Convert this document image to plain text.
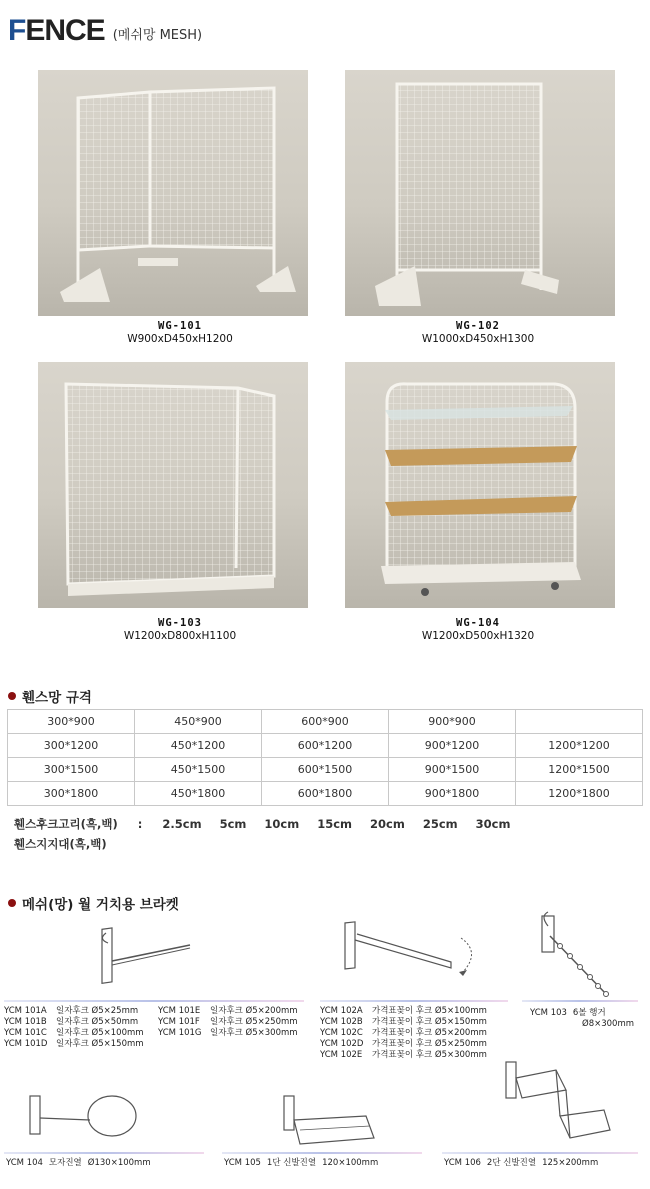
FENCE (메쉬망 MESH)
WG-101
W900xD450xH1200
WG-102
W1000xD450xH1300
WG-103
W1200xD800xH1100
WG-104
W1200xD500xH1320
휀스망 규격
300*900	450*900	600*900	900*900	
300*1200	450*1200	600*1200	900*1200	1200*1200
300*1500	450*1500	600*1500	900*1500	1200*1500
300*1800	450*1800	600*1800	900*1800	1200*1800
휀스후크고리(흑,백) : 2.5cm 5cm 10cm 15cm 20cm 25cm 30cm
휀스지지대(흑,백)
메쉬(망) 월 거치용 브라켓
YCM 101A 일자후크 Ø5×25mm
YCM 101B 일자후크 Ø5×50mm
YCM 101C 일자후크 Ø5×100mm
YCM 101D 일자후크 Ø5×150mm
YCM 101E 일자후크 Ø5×200mm
YCM 101F 일자후크 Ø5×250mm
YCM 101G 일자후크 Ø5×300mm
YCM 102A 가격표꽂이 후크 Ø5×100mm
YCM 102B 가격표꽂이 후크 Ø5×150mm
YCM 102C 가격표꽂이 후크 Ø5×200mm
YCM 102D 가격표꽂이 후크 Ø5×250mm
YCM 102E 가격표꽂이 후크 Ø5×300mm
YCM 103 6볼 행거
Ø8×300mm
YCM 104 모자진열 Ø130×100mm	YCM 105 1단 신발진열 120×100mm	YCM 106 2단 신발진열 125×200mm
